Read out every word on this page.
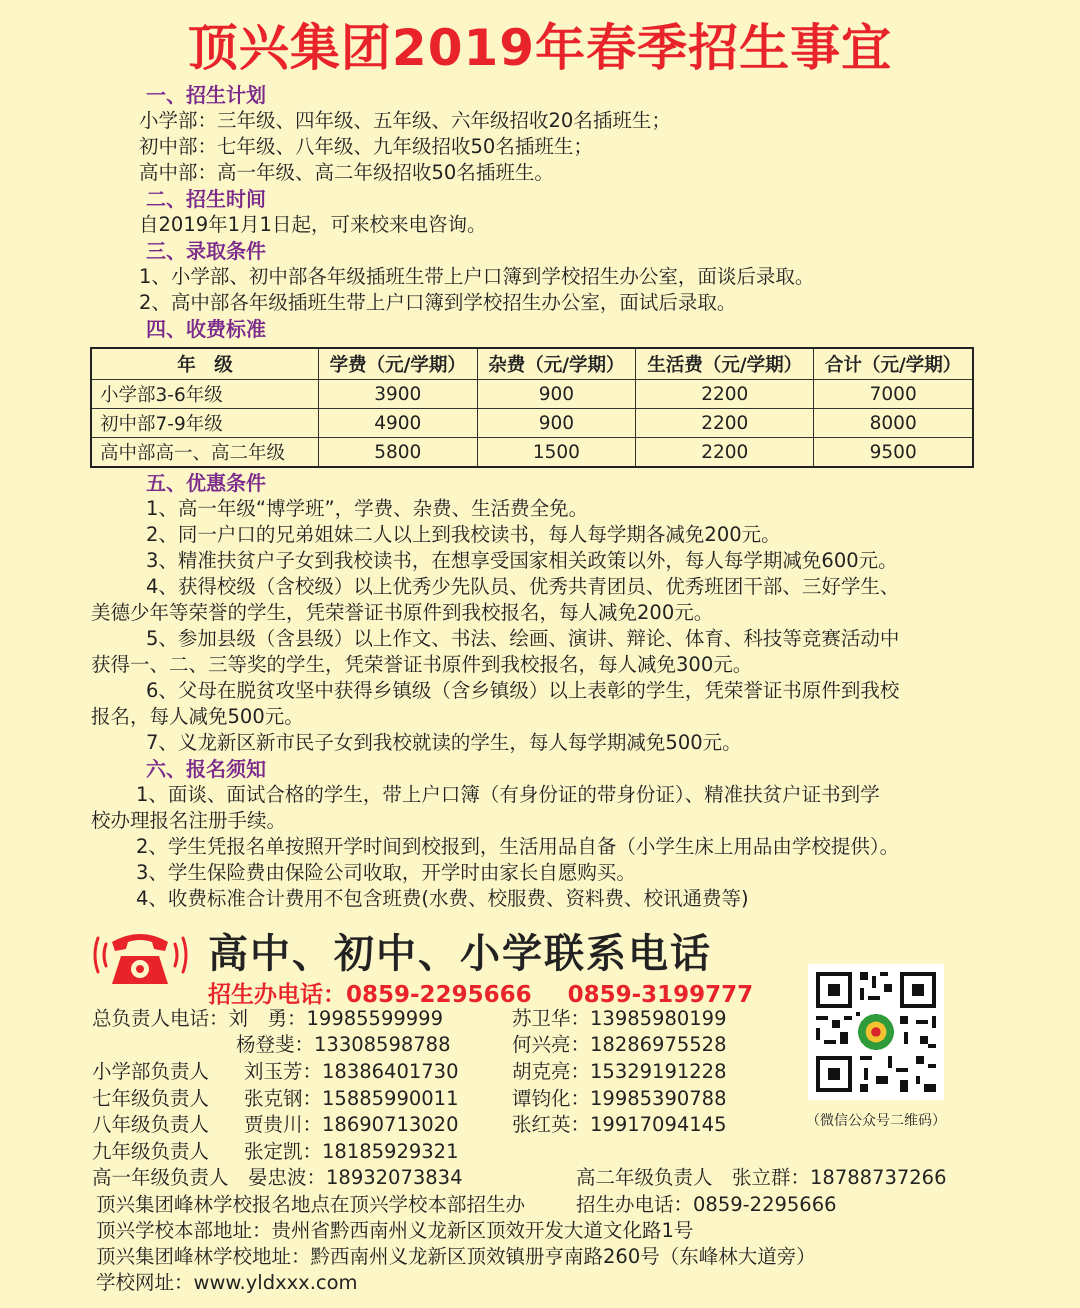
顶兴集团2019年春季招生事宜
一、招生计划
小学部：三年级、四年级、五年级、六年级招收20名插班生；
初中部：七年级、八年级、九年级招收50名插班生；
高中部：高一年级、高二年级招收50名插班生。
二、招生时间
自2019年1月1日起，可来校来电咨询。
三、录取条件
1、小学部、初中部各年级插班生带上户口簿到学校招生办公室，面谈后录取。
2、高中部各年级插班生带上户口簿到学校招生办公室，面试后录取。
四、收费标准
年　级	学费（元/学期）	杂费（元/学期）	生活费（元/学期）	合计（元/学期）
小学部3-6年级	3900	900	2200	7000
初中部7-9年级	4900	900	2200	8000
高中部高一、高二年级	5800	1500	2200	9500
五、优惠条件
1、高一年级“博学班”，学费、杂费、生活费全免。
2、同一户口的兄弟姐妹二人以上到我校读书，每人每学期各减免200元。
3、精准扶贫户子女到我校读书，在想享受国家相关政策以外，每人每学期减免600元。
4、获得校级（含校级）以上优秀少先队员、优秀共青团员、优秀班团干部、三好学生、
美德少年等荣誉的学生，凭荣誉证书原件到我校报名，每人减免200元。
5、参加县级（含县级）以上作文、书法、绘画、演讲、辩论、体育、科技等竞赛活动中
获得一、二、三等奖的学生，凭荣誉证书原件到我校报名，每人减免300元。
6、父母在脱贫攻坚中获得乡镇级（含乡镇级）以上表彰的学生，凭荣誉证书原件到我校
报名，每人减免500元。
7、义龙新区新市民子女到我校就读的学生，每人每学期减免500元。
六、报名须知
1、面谈、面试合格的学生，带上户口簿（有身份证的带身份证）、精准扶贫户证书到学
校办理报名注册手续。
2、学生凭报名单按照开学时间到校报到，生活用品自备（小学生床上用品由学校提供）。
3、学生保险费由保险公司收取，开学时由家长自愿购买。
4、收费标准合计费用不包含班费(水费、校服费、资料费、校讯通费等)
高中、初中、小学联系电话
招生办电话：0859-2295666 0859-3199777
总负责人电话：刘　勇：19985599999	苏卫华：13985980199
杨登斐：13308598788	何兴亮：18286975528
小学部负责人 刘玉芳：18386401730	胡克亮：15329191228
七年级负责人 张克钢：15885990011	谭钧化：19985390788
八年级负责人 贾贵川：18690713020	张红英：19917094145
九年级负责人 张定凯：18185929321
高一年级负责人　晏忠波：18932073834	高二年级负责人　张立群：18788737266
顶兴集团峰林学校报名地点在顶兴学校本部招生办	招生办电话：0859-2295666
顶兴学校本部地址：贵州省黔西南州义龙新区顶效开发大道文化路1号
顶兴集团峰林学校地址：黔西南州义龙新区顶效镇册亨南路260号（东峰林大道旁）
学校网址：www.yldxxx.com
（微信公众号二维码）
